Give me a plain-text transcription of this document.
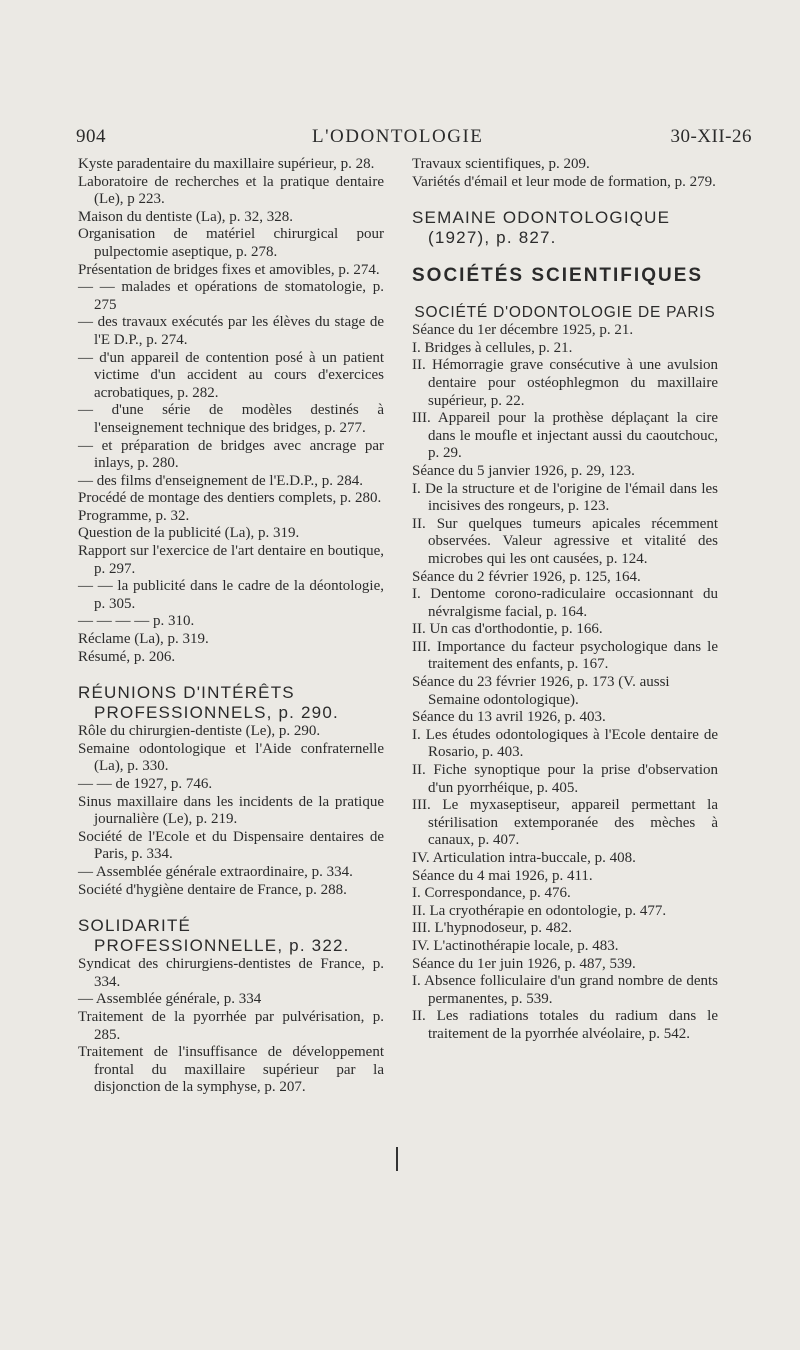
904	L'ODONTOLOGIE	30-XII-26
Kyste paradentaire du maxillaire supérieur, p. 28.
Laboratoire de recherches et la pratique dentaire (Le), p 223.
Maison du dentiste (La), p. 32, 328.
Organisation de matériel chirurgical pour pulpectomie aseptique, p. 278.
Présentation de bridges fixes et amovibles, p. 274.
— — malades et opérations de stomatologie, p. 275
— des travaux exécutés par les élèves du stage de l'E D.P., p. 274.
— d'un appareil de contention posé à un patient victime d'un accident au cours d'exercices acrobatiques, p. 282.
— d'une série de modèles destinés à l'enseignement technique des bridges, p. 277.
— et préparation de bridges avec ancrage par inlays, p. 280.
— des films d'enseignement de l'E.D.P., p. 284.
Procédé de montage des dentiers complets, p. 280.
Programme, p. 32.
Question de la publicité (La), p. 319.
Rapport sur l'exercice de l'art dentaire en boutique, p. 297.
— — la publicité dans le cadre de la déontologie, p. 305.
— — — — p. 310.
Réclame (La), p. 319.
Résumé, p. 206.
RÉUNIONS D'INTÉRÊTS PROFESSIONNELS, p. 290.
Rôle du chirurgien-dentiste (Le), p. 290.
Semaine odontologique et l'Aide confraternelle (La), p. 330.
— — de 1927, p. 746.
Sinus maxillaire dans les incidents de la pratique journalière (Le), p. 219.
Société de l'Ecole et du Dispensaire dentaires de Paris, p. 334.
— Assemblée générale extraordinaire, p. 334.
Société d'hygiène dentaire de France, p. 288.
SOLIDARITÉ PROFESSIONNELLE, p. 322.
Syndicat des chirurgiens-dentistes de France, p. 334.
— Assemblée générale, p. 334
Traitement de la pyorrhée par pulvérisation, p. 285.
Traitement de l'insuffisance de développement frontal du maxillaire supérieur par la disjonction de la symphyse, p. 207.
Travaux scientifiques, p. 209.
Variétés d'émail et leur mode de formation, p. 279.
SEMAINE ODONTOLOGIQUE (1927), p. 827.
SOCIÉTÉS SCIENTIFIQUES
SOCIÉTÉ D'ODONTOLOGIE DE PARIS
Séance du 1er décembre 1925, p. 21.
I. Bridges à cellules, p. 21.
II. Hémorragie grave consécutive à une avulsion dentaire pour ostéophlegmon du maxillaire supérieur, p. 22.
III. Appareil pour la prothèse déplaçant la cire dans le moufle et injectant aussi du caoutchouc, p. 29.
Séance du 5 janvier 1926, p. 29, 123.
I. De la structure et de l'origine de l'émail dans les incisives des rongeurs, p. 123.
II. Sur quelques tumeurs apicales récemment observées. Valeur agressive et vitalité des microbes qui les ont causées, p. 124.
Séance du 2 février 1926, p. 125, 164.
I. Dentome corono-radiculaire occasionnant du névralgisme facial, p. 164.
II. Un cas d'orthodontie, p. 166.
III. Importance du facteur psychologique dans le traitement des enfants, p. 167.
Séance du 23 février 1926, p. 173 (V. aussi Semaine odontologique).
Séance du 13 avril 1926, p. 403.
I. Les études odontologiques à l'Ecole dentaire de Rosario, p. 403.
II. Fiche synoptique pour la prise d'observation d'un pyorrhéique, p. 405.
III. Le myxaseptiseur, appareil permettant la stérilisation extemporanée des mèches à canaux, p. 407.
IV. Articulation intra-buccale, p. 408.
Séance du 4 mai 1926, p. 411.
I. Correspondance, p. 476.
II. La cryothérapie en odontologie, p. 477.
III. L'hypnodoseur, p. 482.
IV. L'actinothérapie locale, p. 483.
Séance du 1er juin 1926, p. 487, 539.
I. Absence folliculaire d'un grand nombre de dents permanentes, p. 539.
II. Les radiations totales du radium dans le traitement de la pyorrhée alvéolaire, p. 542.
